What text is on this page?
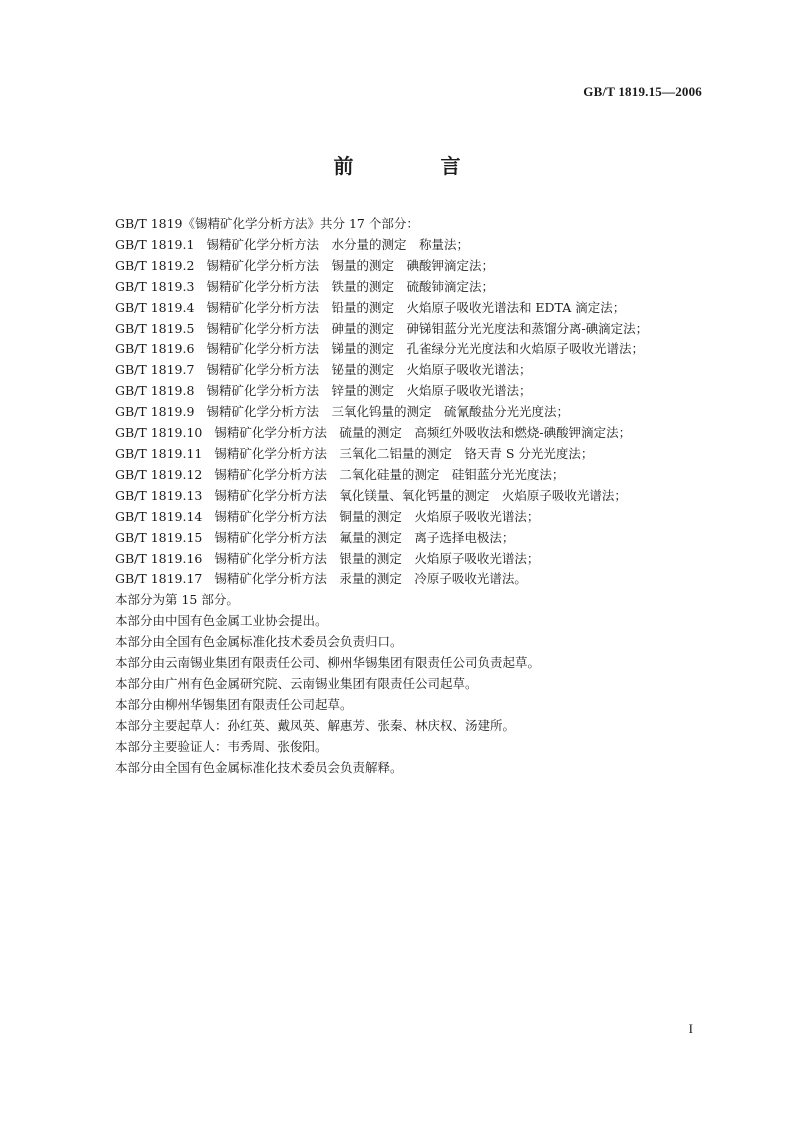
GB/T 1819.15—2006
前 言
GB/T 1819《锡精矿化学分析方法》共分 17 个部分：
GB/T 1819.1 锡精矿化学分析方法　水分量的测定　称量法；
GB/T 1819.2 锡精矿化学分析方法　锡量的测定　碘酸钾滴定法；
GB/T 1819.3 锡精矿化学分析方法　铁量的测定　硫酸铈滴定法；
GB/T 1819.4 锡精矿化学分析方法　铅量的测定　火焰原子吸收光谱法和 EDTA 滴定法；
GB/T 1819.5 锡精矿化学分析方法　砷量的测定　砷锑钼蓝分光光度法和蒸馏分离-碘滴定法；
GB/T 1819.6 锡精矿化学分析方法　锑量的测定　孔雀绿分光光度法和火焰原子吸收光谱法；
GB/T 1819.7 锡精矿化学分析方法　铋量的测定　火焰原子吸收光谱法；
GB/T 1819.8 锡精矿化学分析方法　锌量的测定　火焰原子吸收光谱法；
GB/T 1819.9 锡精矿化学分析方法　三氧化钨量的测定　硫氰酸盐分光光度法；
GB/T 1819.10 锡精矿化学分析方法　硫量的测定　高频红外吸收法和燃烧-碘酸钾滴定法；
GB/T 1819.11 锡精矿化学分析方法　三氧化二铝量的测定　铬天青 S 分光光度法；
GB/T 1819.12 锡精矿化学分析方法　二氧化硅量的测定　硅钼蓝分光光度法；
GB/T 1819.13 锡精矿化学分析方法　氧化镁量、氧化钙量的测定　火焰原子吸收光谱法；
GB/T 1819.14 锡精矿化学分析方法　铜量的测定　火焰原子吸收光谱法；
GB/T 1819.15 锡精矿化学分析方法　氟量的测定　离子选择电极法；
GB/T 1819.16 锡精矿化学分析方法　银量的测定　火焰原子吸收光谱法；
GB/T 1819.17 锡精矿化学分析方法　汞量的测定　冷原子吸收光谱法。
本部分为第 15 部分。
本部分由中国有色金属工业协会提出。
本部分由全国有色金属标准化技术委员会负责归口。
本部分由云南锡业集团有限责任公司、柳州华锡集团有限责任公司负责起草。
本部分由广州有色金属研究院、云南锡业集团有限责任公司起草。
本部分由柳州华锡集团有限责任公司起草。
本部分主要起草人：孙红英、戴凤英、解惠芳、张秦、林庆权、汤建所。
本部分主要验证人：韦秀周、张俊阳。
本部分由全国有色金属标准化技术委员会负责解释。
I
